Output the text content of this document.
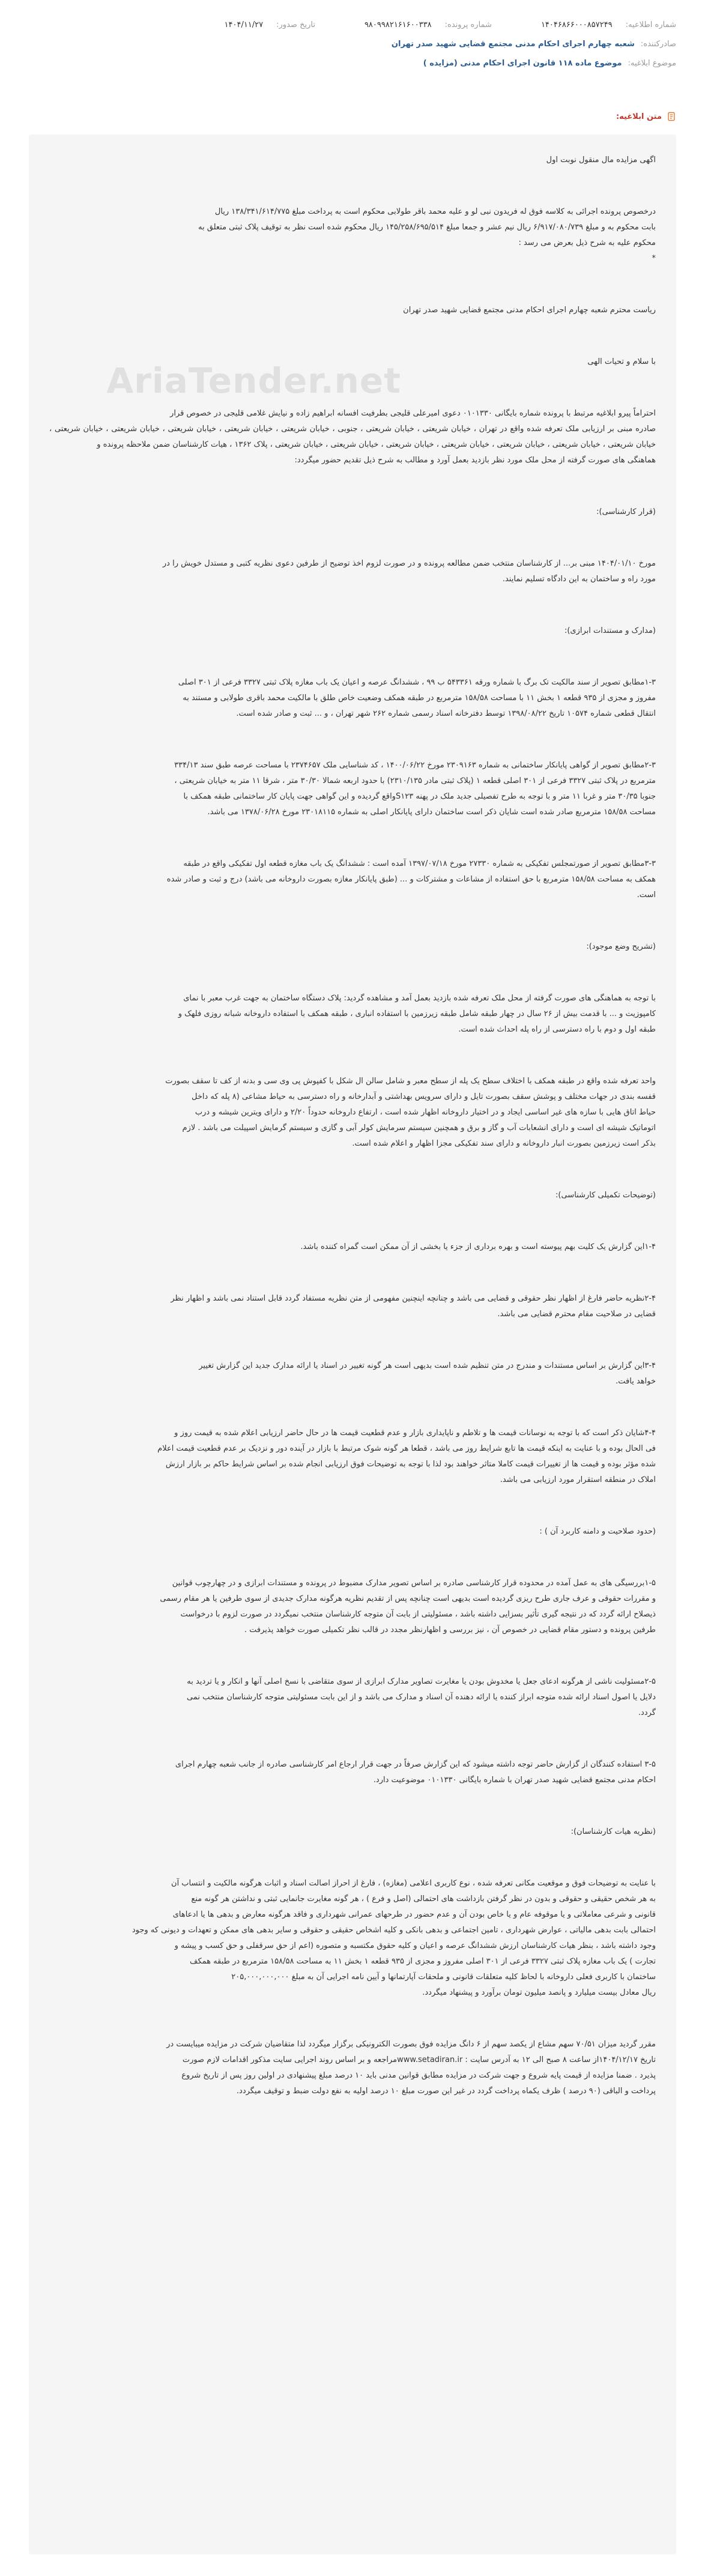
شماره اطلاعیه:
۱۴۰۴۶۸۶۶۰۰۰۸۵۷۲۴۹
شماره پرونده:
۹۸۰۹۹۸۲۱۶۱۶۰۰۳۳۸
تاریخ صدور:
۱۴۰۴/۱۱/۲۷
صادرکننده:
شعبه چهارم اجرای احکام مدنی مجتمع قضایی شهید صدر تهران
موضوع ابلاغیه:
موضوع ماده ۱۱۸ قانون اجرای احکام مدنی (مزایده )
متن ابلاغیه:
AriaTender.net
اگهی مزایده مال منقول نوبت اول
درخصوص پرونده اجرائی به کلاسه فوق له فریدون نبی لو و علیه محمد باقر طولابی محکوم است به پرداخت مبلغ ۱۳۸/۳۴۱/۶۱۴/۷۷۵ ریال
بابت محکوم به و مبلغ ۶/۹۱۷/۰۸۰/۷۳۹ ریال نیم عشر و جمعا مبلغ ۱۴۵/۲۵۸/۶۹۵/۵۱۴ ریال محکوم شده است نظر به توقیف پلاک ثبتی متعلق به
محکوم علیه به شرح ذیل بعرض می رسد :
*
ریاست محترم شعبه چهارم اجرای احکام مدنی مجتمع قضایی شهید صدر تهران
با سلام و تحیات الهی
احتراماً پیرو ابلاغیه مرتبط با پرونده شماره بایگانی ۰۱۰۱۳۳۰ دعوی امیرعلی قلیجی بطرفیت افسانه ابراهیم زاده و نیایش غلامی قلیجی در خصوص قرار
صادره مبنی بر ارزیابی ملک تعرفه شده واقع در تهران ، خیابان شریعتی ، خیابان شریعتی ، جنوبی ، خیابان شریعتی ، خیابان شریعتی ، خیابان شریعتی ، خیابان شریعتی ، خیابان شریعتی ، خیابان شریعتی ، خیابان شریعتی ، خیابان شریعتی ، خیابان شریعتی ، خیابان شریعتی ، خیابان شریعتی ، خیابان شریعتی ، پلاک ۱۳۶۲ ، هیات کارشناسان ضمن ملاحظه پرونده و
هماهنگی های صورت گرفته از محل ملک مورد نظر بازدید بعمل آورد و مطالب به شرح ذیل تقدیم حضور میگردد:
(قرار کارشناسی):
مورخ ۱۴۰۴/۰۱/۱۰ مبنی بر... از کارشناسان منتخب ضمن مطالعه پرونده و در صورت لزوم اخذ توضیح از طرفین دعوی نظریه کتبی و مستدل خویش را در
مورد راه و ساختمان به این دادگاه تسلیم نمایند.
(مدارک و مستندات ابرازی):
۱-۳مطابق تصویر از سند مالکیت تک برگ با شماره ورقه ۵۴۳۳۶۱ ب ۹۹ ، ششدانگ عرصه و اعیان یک باب مغازه پلاک ثبتی ۳۳۲۷ فرعی از ۳۰۱ اصلی
مفروز و مجزی از ۹۳۵ قطعه ۱ بخش ۱۱ با مساحت ۱۵۸/۵۸ مترمربع در طبقه همکف وضعیت خاص طلق با مالکیت محمد باقری طولابی و مستند به
انتقال قطعی شماره ۱۰۵۷۴ تاریخ ۱۳۹۸/۰۸/۲۲ توسط دفترخانه اسناد رسمی شماره ۲۶۲ شهر تهران ، و ... ثبت و صادر شده است.
۲-۳مطابق تصویر از گواهی پایانکار ساختمانی به شماره ۲۳۰۹۱۶۳ مورخ ۱۴۰۰/۰۶/۲۲ ، کد شناسایی ملک ۲۳۷۴۶۵۷ با مساحت عرصه طبق سند ۳۳۴/۱۳
مترمربع در پلاک ثبتی ۳۳۲۷ فرعی از ۳۰۱ اصلی قطعه ۱ (پلاک ثبتی مادر ۲۳۱۰/۱۳۵) با حدود اربعه شمالا ۳۰/۳۰ متر ، شرقا ۱۱ متر به خیابان شریعتی ،
جنوبا ۳۰/۳۵ متر و غربا ۱۱ متر و با توجه به طرح تفصیلی جدید ملک در پهنه S۱۲۳واقع گردیده و این گواهی جهت پایان کار ساختمانی طبقه همکف با
مساحت ۱۵۸/۵۸ مترمربع صادر شده است شایان ذکر است ساختمان دارای پایانکار اصلی به شماره ۲۳۰۱۸۱۱۵ مورخ ۱۳۷۸/۰۶/۲۸ می باشد.
۳-۳مطابق تصویر از صورتمجلس تفکیکی به شماره ۲۷۳۳۰ مورخ ۱۳۹۷/۰۷/۱۸ آمده است : ششدانگ یک باب مغازه قطعه اول تفکیکی واقع در طبقه
همکف به مساحت ۱۵۸/۵۸ مترمربع با حق استفاده از مشاعات و مشترکات و ... (طبق پایانکار مغازه بصورت داروخانه می باشد) درج و ثبت و صادر شده
است.
(تشریح وضع موجود):
با توجه به هماهنگی های صورت گرفته از محل ملک تعرفه شده بازدید بعمل آمد و مشاهده گردید: پلاک دستگاه ساختمان به جهت غرب معبر با نمای
کامپوزیت و ... با قدمت بیش از ۲۶ سال در چهار طبقه شامل طبقه زیرزمین با استفاده انباری ، طبقه همکف با استفاده داروخانه شبانه روزی فلهک و
طبقه اول و دوم با راه دسترسی از راه پله احداث شده است.
واحد تعرفه شده واقع در طبقه همکف با اختلاف سطح یک پله از سطح معبر و شامل سالن ال شکل با کفپوش پی وی سی و بدنه از کف تا سقف بصورت
قفسه بندی در جهات مختلف و پوشش سقف بصورت تایل و دارای سرویس بهداشتی و آبدارخانه و راه دسترسی به حیاط مشاعی (۸ پله که داخل
حیاط اتاق هایی با سازه های غیر اساسی ایجاد و در اختیار داروخانه اظهار شده است ، ارتفاع داروخانه حدوداً ۲/۲۰ و دارای ویترین شیشه و درب
اتوماتیک شیشه ای است و دارای انشعابات آب و گاز و برق و همچنین سیستم سرمایش کولر آبی و گازی و سیستم گرمایش اسپیلت می باشد . لازم
بذکر است زیرزمین بصورت انبار داروخانه و دارای سند تفکیکی مجزا اظهار و اعلام شده است.
(توضیحات تکمیلی کارشناسی):
۱-۴این گزارش یک کلیت بهم پیوسته است و بهره برداری از جزء یا بخشی از آن ممکن است گمراه کننده باشد.
۲-۴نظریه حاضر فارغ از اظهار نظر حقوقی و قضایی می باشد و چنانچه اینچنین مفهومی از متن نظریه مستفاد گردد قابل استناد نمی باشد و اظهار نظر
قضایی در صلاحیت مقام محترم قضایی می باشد.
۳-۴این گزارش بر اساس مستندات و مندرج در متن تنظیم شده است بدیهی است هر گونه تغییر در اسناد یا ارائه مدارک جدید این گزارش تغییر
خواهد یافت.
۴-۴شایان ذکر است که با توجه به نوسانات قیمت ها و تلاطم و ناپایداری بازار و عدم قطعیت قیمت ها در حال حاضر ارزیابی اعلام شده به قیمت روز و
فی الحال بوده و با عنایت به اینکه قیمت ها تابع شرایط روز می باشد ، قطعا هر گونه شوک مرتبط با بازار در آینده دور و نزدیک بر عدم قطعیت قیمت اعلام
شده مؤثر بوده و قیمت ها از تغییرات قیمت کاملا متاثر خواهند بود لذا با توجه به توضیحات فوق ارزیابی انجام شده بر اساس شرایط حاکم بر بازار ارزش
املاک در منطقه استقرار مورد ارزیابی می باشد.
(حدود صلاحیت و دامنه کاربرد آن ) :
۱-۵بررسیگی های به عمل آمده در محدوده قرار کارشناسی صادره بر اساس تصویر مدارک مضبوط در پرونده و مستندات ابرازی و در چهارچوب قوانین
و مقررات حقوقی و عرف جاری طرح ریزی گردیده است بدیهی است چنانچه پس از تقدیم نظریه هرگونه مدارک جدیدی از سوی طرفین یا هر مقام رسمی
ذیصلاح ارائه گردد که در نتیجه گیری تأثیر بسزایی داشته باشد ، مسئولیتی از بابت آن متوجه کارشناسان منتخب نمیگردد در صورت لزوم با درخواست
طرفین پرونده و دستور مقام قضایی در خصوص آن ، نیز بررسی و اظهارنظر مجدد در قالب نظر تکمیلی صورت خواهد پذیرفت .
۲-۵مسئولیت ناشی از هرگونه ادعای جعل یا مخدوش بودن یا مغایرت تصاویر مدارک ابرازی از سوی متقاضی با نسخ اصلی آنها و انکار و یا تردید به
دلایل یا اصول اسناد ارائه شده متوجه ابراز کننده یا ارائه دهنده آن اسناد و مدارک می باشد و از این بابت مسئولیتی متوجه کارشناسان منتخب نمی
گردد.
۳-۵ استفاده کنندگان از گزارش حاضر توجه داشته میشود که این گزارش صرفاً در جهت قرار ارجاع امر کارشناسی صادره از جانب شعبه چهارم اجرای
احکام مدنی مجتمع قضایی شهید صدر تهران با شماره بایگانی ۰۱۰۱۳۳۰ موضوعیت دارد.
(نظریه هیات کارشناسان):
با عنایت به توضیحات فوق و موقعیت مکانی تعرفه شده ، نوع کاربری اعلامی (مغازه) ، فارغ از احراز اصالت اسناد و اثبات هرگونه مالکیت و انتساب آن
به هر شخص حقیقی و حقوقی و بدون در نظر گرفتن بازداشت های احتمالی (اصل و فرع ) ، هر گونه مغایرت جانمایی ثبتی و نداشتن هر گونه منع
قانونی و شرعی معاملاتی و یا موقوفه عام و یا خاص بودن آن و عدم حضور در طرحهای عمرانی شهرداری و فاقد هرگونه معارض و بدهی ها یا ادعاهای
احتمالی بابت بدهی مالیاتی ، عوارض شهرداری ، تامین اجتماعی و بدهی بانکی و کلیه اشخاص حقیقی و حقوقی و سایر بدهی های ممکن و تعهدات و دیونی که وجود
وجود داشته باشد ، بنظر هیات کارشناسان ارزش ششدانگ عرصه و اعیان و کلیه حقوق مکتسبه و متصوره (اعم از حق سرقفلی و حق کسب و پیشه و
تجارت ) یک باب مغازه پلاک ثبتی ۳۳۲۷ فرعی از ۳۰۱ اصلی مفروز و مجزی از ۹۳۵ قطعه ۱ بخش ۱۱ به مساحت ۱۵۸/۵۸ مترمربع در طبقه همکف
ساختمان با کاربری فعلی داروخانه با لحاظ کلیه متعلقات قانونی و ملحقات آپارتمانها و آیین نامه اجرایی آن به مبلغ ۲۰۵,۰۰۰,۰۰۰,۰۰۰
ریال معادل بیست میلیارد و پانصد میلیون تومان برآورد و پیشنهاد میگردد.
مقرر گردید میزان ۷۰/۵۱ سهم مشاع از یکصد سهم از ۶ دانگ مزایده فوق بصورت الکترونیکی برگزار میگردد لذا متقاضیان شرکت در مزایده میبایست در
تاریخ ۱۴۰۴/۱۲/۱۷از ساعت ۸ صبح الی ۱۲ به آدرس سایت : www.setadiran.irمراجعه و بر اساس روند اجرایی سایت مذکور اقدامات لازم صورت
پذیرد . ضمنا مزایده از قیمت پایه شروع و جهت شرکت در مزایده مطابق قوانین مدنی باید ۱۰ درصد مبلغ پیشنهادی در اولین روز پس از تاریخ شروع
پرداخت و الباقی (۹۰ درصد ) ظرف یکماه پرداخت گردد در غیر این صورت مبلغ ۱۰ درصد اولیه به نفع دولت ضبط و توقیف میگردد.
